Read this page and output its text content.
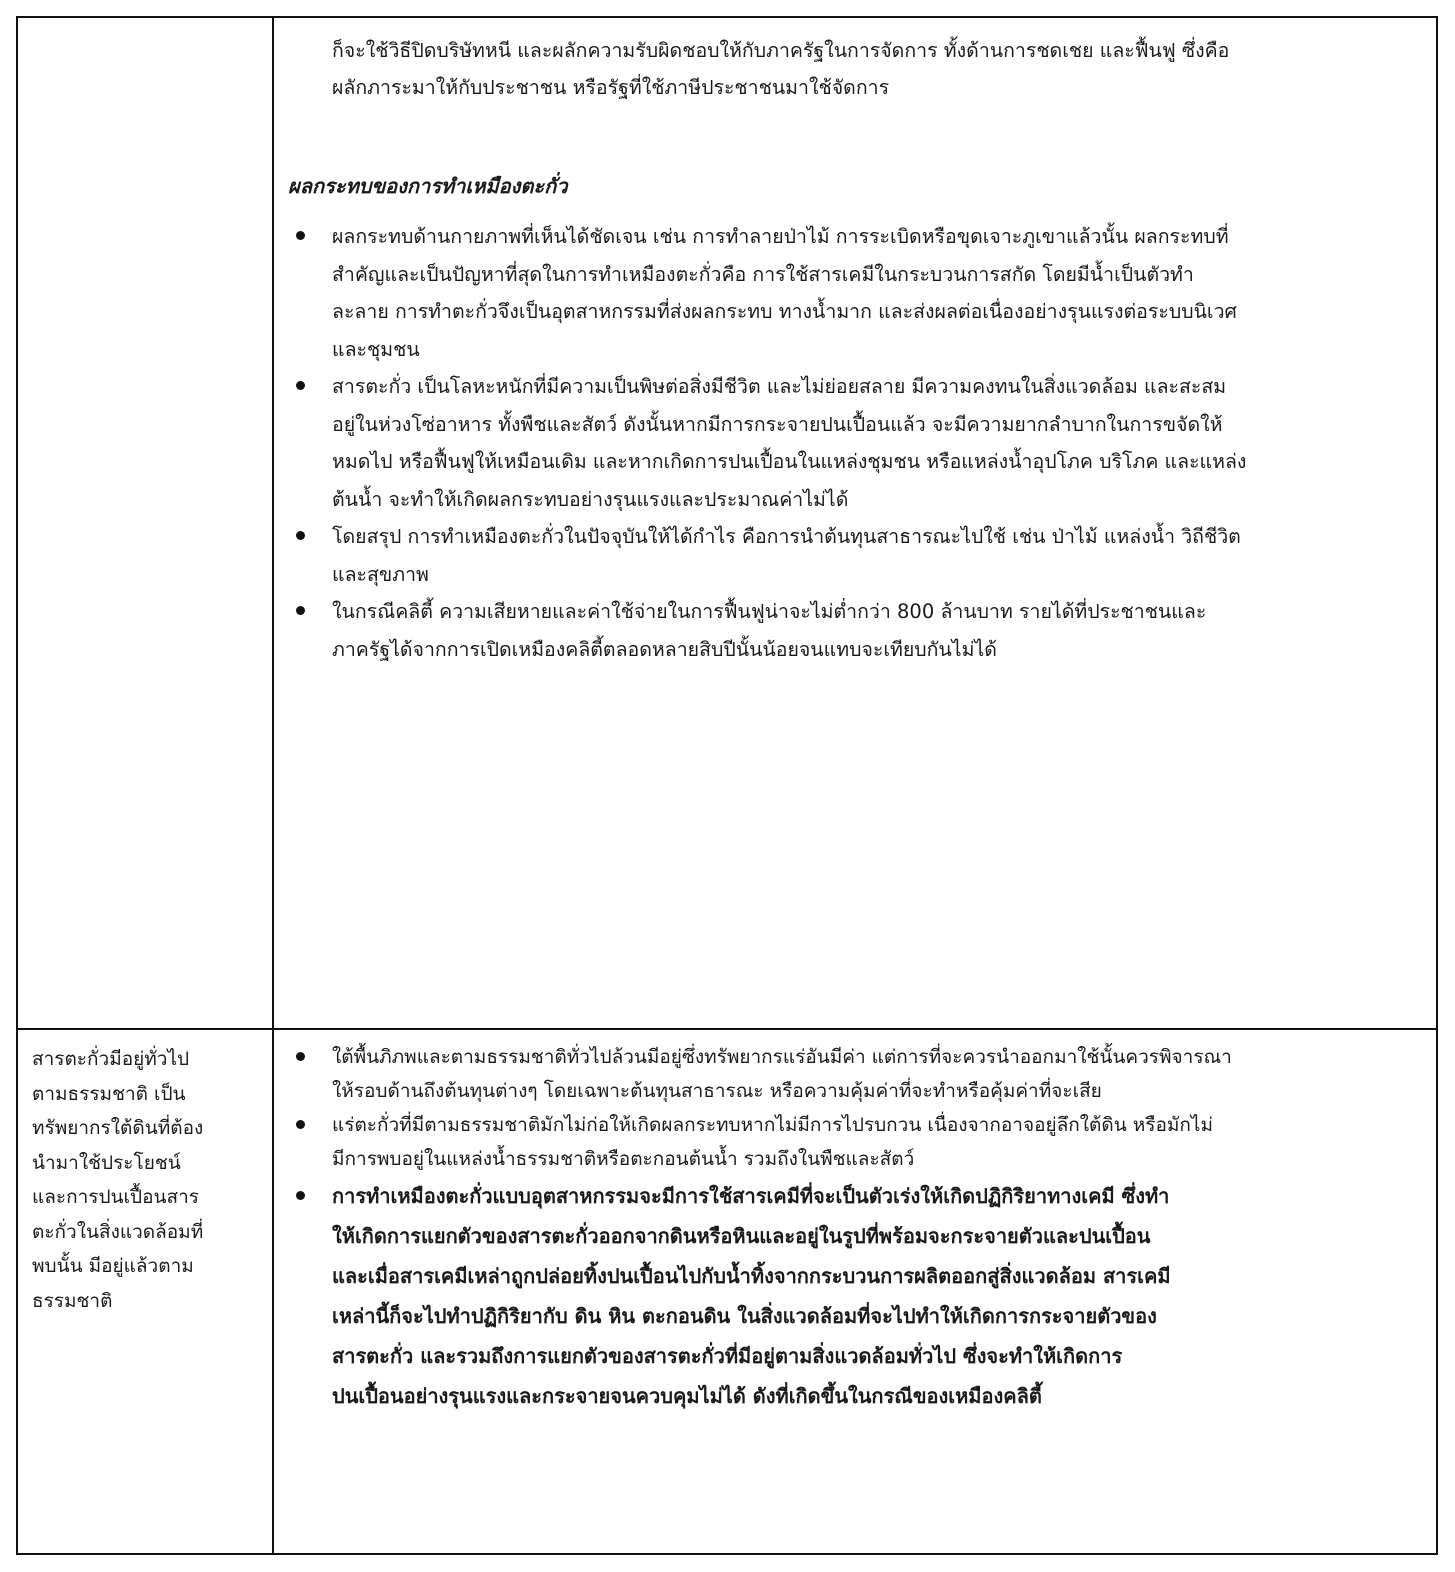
ก็จะใช้วิธีปิดบริษัทหนี และผลักความรับผิดชอบให้กับภาครัฐในการจัดการ ทั้งด้านการชดเชย และฟื้นฟู ซึ่งคือ
ผลักภาระมาให้กับประชาชน หรือรัฐที่ใช้ภาษีประชาชนมาใช้จัดการ

ผลกระทบของการทำเหมืองตะกั่ว

ผลกระทบด้านกายภาพที่เห็นได้ชัดเจน เช่น การทำลายป่าไม้ การระเบิดหรือขุดเจาะภูเขาแล้วนั้น ผลกระทบที่
สำคัญและเป็นปัญหาที่สุดในการทำเหมืองตะกั่วคือ การใช้สารเคมีในกระบวนการสกัด โดยมีน้ำเป็นตัวทำ
ละลาย การทำตะกั่วจึงเป็นอุตสาหกรรมที่ส่งผลกระทบ ทางน้ำมาก และส่งผลต่อเนื่องอย่างรุนแรงต่อระบบนิเวศ
และชุมชน
สารตะกั่ว เป็นโลหะหนักที่มีความเป็นพิษต่อสิ่งมีชีวิต และไม่ย่อยสลาย มีความคงทนในสิ่งแวดล้อม และสะสม
อยู่ในห่วงโซ่อาหาร ทั้งพืชและสัตว์ ดังนั้นหากมีการกระจายปนเปื้อนแล้ว จะมีความยากลำบากในการขจัดให้
หมดไป หรือฟื้นฟูให้เหมือนเดิม และหากเกิดการปนเปื้อนในแหล่งชุมชน หรือแหล่งน้ำอุปโภค บริโภค และแหล่ง
ต้นน้ำ จะทำให้เกิดผลกระทบอย่างรุนแรงและประมาณค่าไม่ได้
โดยสรุป การทำเหมืองตะกั่วในปัจจุบันให้ได้กำไร คือการนำต้นทุนสาธารณะไปใช้ เช่น ป่าไม้ แหล่งน้ำ วิถีชีวิต
และสุขภาพ
ในกรณีคลิตี้ ความเสียหายและค่าใช้จ่ายในการฟื้นฟูน่าจะไม่ต่ำกว่า 800 ล้านบาท รายได้ที่ประชาชนและ
ภาครัฐได้จากการเปิดเหมืองคลิตี้ตลอดหลายสิบปีนั้นน้อยจนแทบจะเทียบกันไม่ได้

สารตะกั่วมีอยู่ทั่วไป
ตามธรรมชาติ เป็น
ทรัพยากรใต้ดินที่ต้อง
นำมาใช้ประโยชน์
และการปนเปื้อนสาร
ตะกั่วในสิ่งแวดล้อมที่
พบนั้น มีอยู่แล้วตาม
ธรรมชาติ

ใต้พื้นภิภพและตามธรรมชาติทั่วไปล้วนมีอยู่ซึ่งทรัพยากรแร่อันมีค่า แต่การที่จะควรนำออกมาใช้นั้นควรพิจารณา
ให้รอบด้านถึงต้นทุนต่างๆ โดยเฉพาะต้นทุนสาธารณะ หรือความคุ้มค่าที่จะทำหรือคุ้มค่าที่จะเสีย
แร่ตะกั่วที่มีตามธรรมชาติมักไม่ก่อให้เกิดผลกระทบหากไม่มีการไปรบกวน เนื่องจากอาจอยู่ลึกใต้ดิน หรือมักไม่
มีการพบอยู่ในแหล่งน้ำธรรมชาติหรือตะกอนต้นน้ำ รวมถึงในพืชและสัตว์
การทำเหมืองตะกั่วแบบอุตสาหกรรมจะมีการใช้สารเคมีที่จะเป็นตัวเร่งให้เกิดปฏิกิริยาทางเคมี ซึ่งทำ
ให้เกิดการแยกตัวของสารตะกั่วออกจากดินหรือหินและอยู่ในรูปที่พร้อมจะกระจายตัวและปนเปื้อน
และเมื่อสารเคมีเหล่าถูกปล่อยทิ้งปนเปื้อนไปกับน้ำทิ้งจากกระบวนการผลิตออกสู่สิ่งแวดล้อม สารเคมี
เหล่านี้ก็จะไปทำปฏิกิริยากับ ดิน หิน ตะกอนดิน ในสิ่งแวดล้อมที่จะไปทำให้เกิดการกระจายตัวของ
สารตะกั่ว และรวมถึงการแยกตัวของสารตะกั่วที่มีอยู่ตามสิ่งแวดล้อมทั่วไป ซึ่งจะทำให้เกิดการ
ปนเปื้อนอย่างรุนแรงและกระจายจนควบคุมไม่ได้ ดังที่เกิดขึ้นในกรณีของเหมืองคลิตี้
